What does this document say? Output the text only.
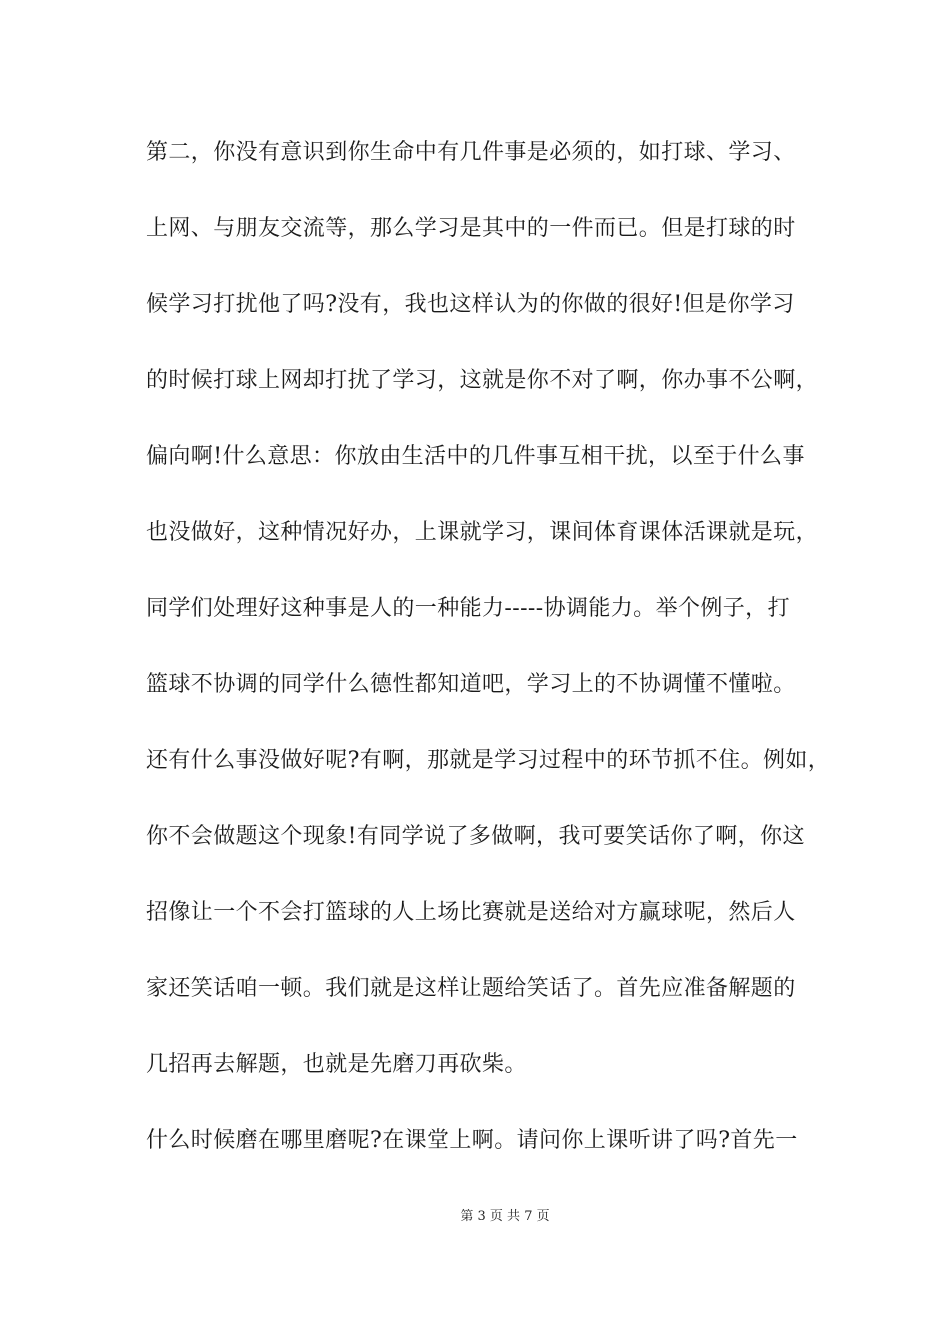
第二，你没有意识到你生命中有几件事是必须的，如打球、学习、
上网、与朋友交流等，那么学习是其中的一件而已。但是打球的时
候学习打扰他了吗?没有，我也这样认为的你做的很好!但是你学习
的时候打球上网却打扰了学习，这就是你不对了啊，你办事不公啊，
偏向啊!什么意思：你放由生活中的几件事互相干扰，以至于什么事
也没做好，这种情况好办，上课就学习，课间体育课体活课就是玩，
同学们处理好这种事是人的一种能力-----协调能力。举个例子，打
篮球不协调的同学什么德性都知道吧，学习上的不协调懂不懂啦。
还有什么事没做好呢?有啊，那就是学习过程中的环节抓不住。例如，
你不会做题这个现象!有同学说了多做啊，我可要笑话你了啊，你这
招像让一个不会打篮球的人上场比赛就是送给对方赢球呢，然后人
家还笑话咱一顿。我们就是这样让题给笑话了。首先应准备解题的
几招再去解题，也就是先磨刀再砍柴。
什么时候磨在哪里磨呢?在课堂上啊。请问你上课听讲了吗?首先一
第 3 页 共 7 页
